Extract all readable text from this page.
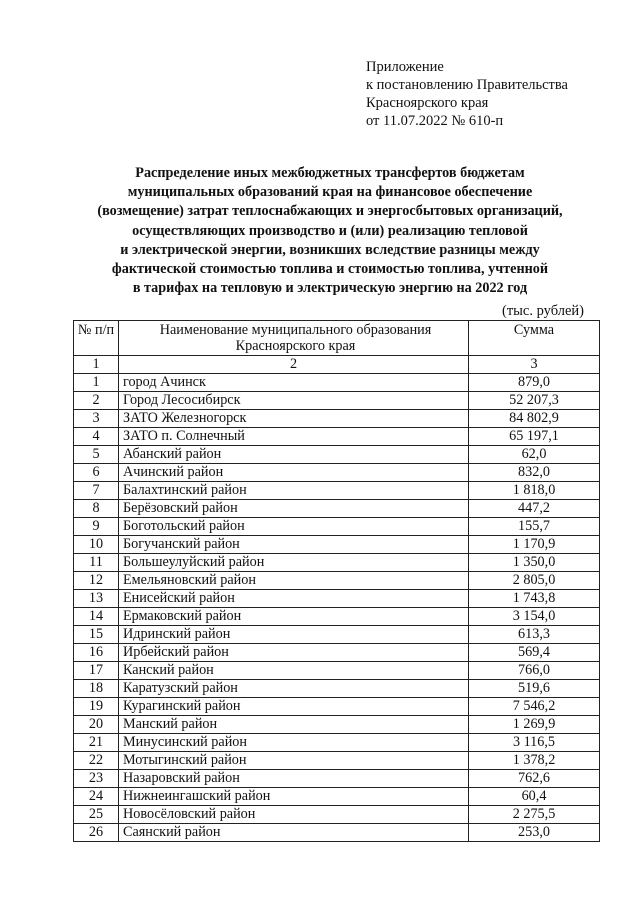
Приложение
к постановлению Правительства
Красноярского края
от 11.07.2022 № 610-п
Распределение иных межбюджетных трансфертов бюджетам
муниципальных образований края на финансовое обеспечение
(возмещение) затрат теплоснабжающих и энергосбытовых организаций,
осуществляющих производство и (или) реализацию тепловой
и электрической энергии, возникших вследствие разницы между
фактической стоимостью топлива и стоимостью топлива, учтенной
в тарифах на тепловую и электрическую энергию на 2022 год
(тыс. рублей)
№ п/п	Наименование муниципального образования Красноярского края	Сумма
1	2	3
1	город Ачинск	879,0
2	Город Лесосибирск	52 207,3
3	ЗАТО Железногорск	84 802,9
4	ЗАТО п. Солнечный	65 197,1
5	Абанский район	62,0
6	Ачинский район	832,0
7	Балахтинский район	1 818,0
8	Берёзовский район	447,2
9	Боготольский район	155,7
10	Богучанский район	1 170,9
11	Большеулуйский район	1 350,0
12	Емельяновский район	2 805,0
13	Енисейский район	1 743,8
14	Ермаковский район	3 154,0
15	Идринский район	613,3
16	Ирбейский район	569,4
17	Канский район	766,0
18	Каратузский район	519,6
19	Курагинский район	7 546,2
20	Манский район	1 269,9
21	Минусинский район	3 116,5
22	Мотыгинский район	1 378,2
23	Назаровский район	762,6
24	Нижнеингашский район	60,4
25	Новосёловский район	2 275,5
26	Саянский район	253,0
